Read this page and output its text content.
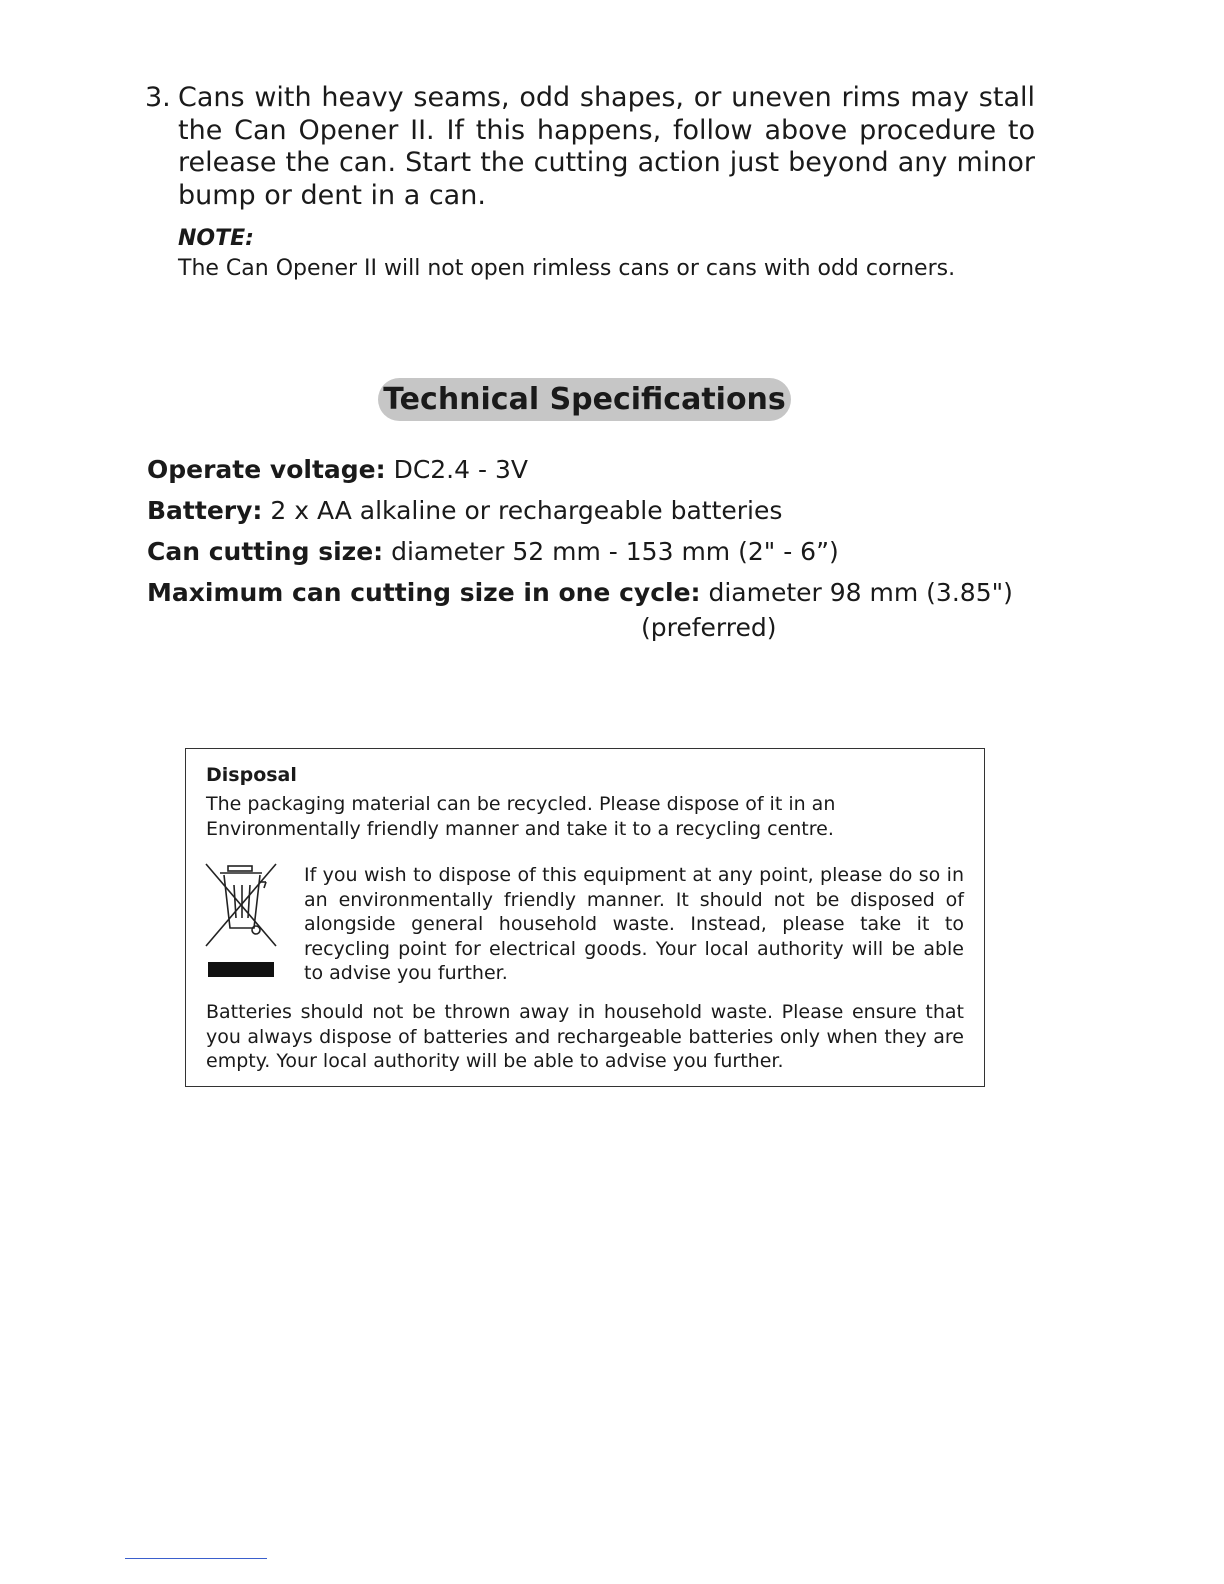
3. Cans with heavy seams, odd shapes, or uneven rims may stall the Can Opener II. If this happens, follow above procedure to release the can. Start the cutting action just beyond any minor bump or dent in a can.
NOTE:
The Can Opener II will not open rimless cans or cans with odd corners.
Technical Specifications
Operate voltage: DC2.4 - 3V
Battery: 2 x AA alkaline or rechargeable batteries
Can cutting size: diameter 52 mm - 153 mm (2" - 6”)
Maximum can cutting size in one cycle: diameter 98 mm (3.85")
(preferred)
Disposal
The packaging material can be recycled. Please dispose of it in an Environmentally friendly manner and take it to a recycling centre.
If you wish to dispose of this equipment at any point, please do so in an environmentally friendly manner. It should not be disposed of alongside general household waste. Instead, please take it to recycling point for electrical goods. Your local authority will be able to advise you further.
Batteries should not be thrown away in household waste. Please ensure that you always dispose of batteries and rechargeable batteries only when they are empty. Your local authority will be able to advise you further.
